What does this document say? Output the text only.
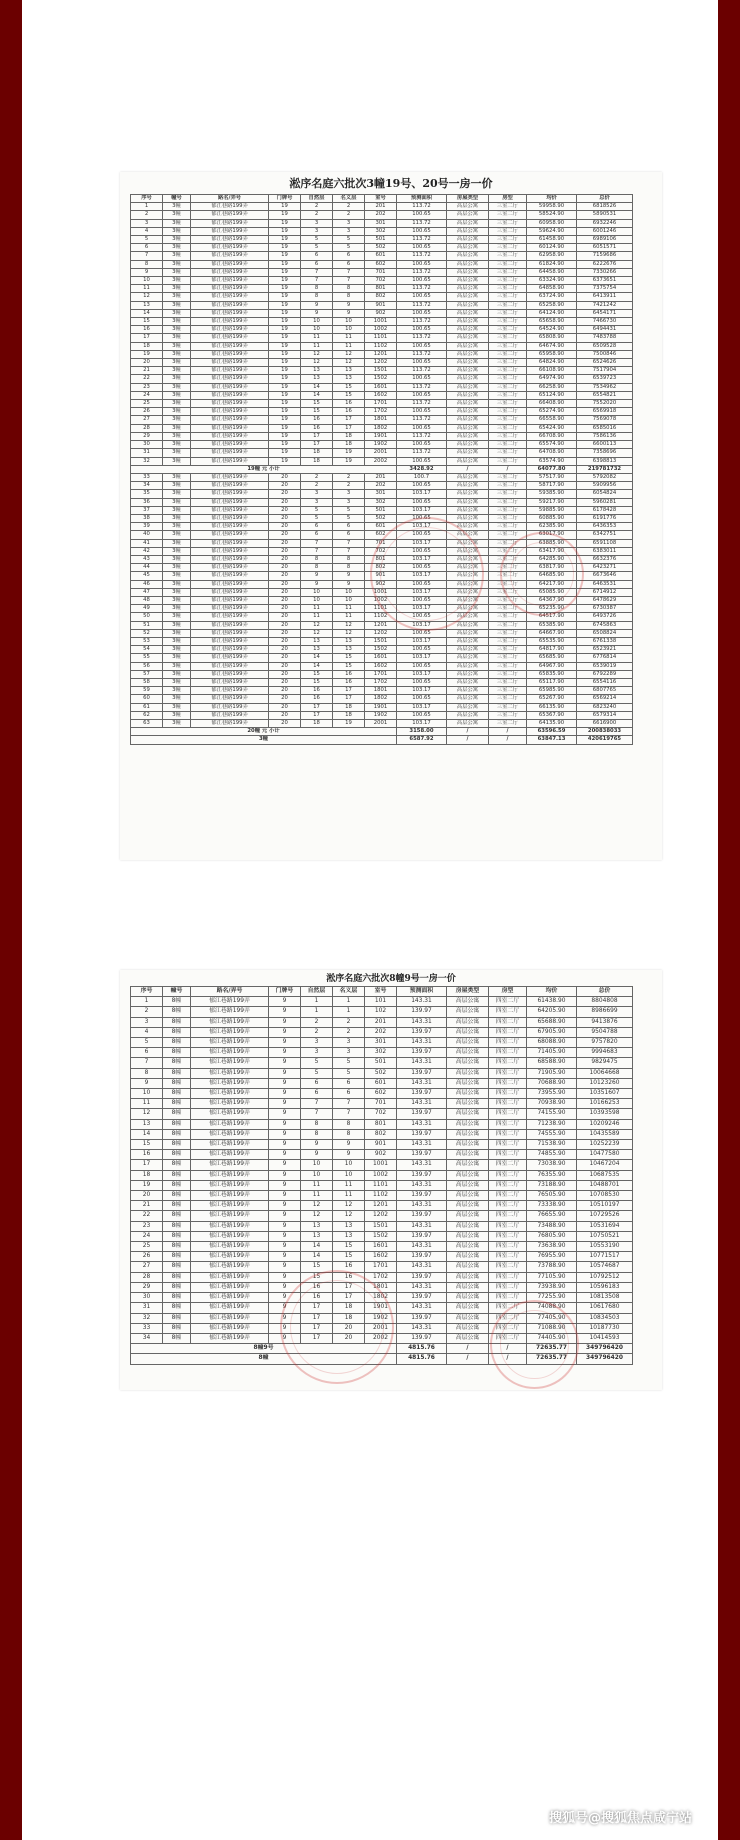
淞序名庭六批次3幢19号、20号一房一价
序号	幢号	路名/弄号	门牌号	自然层	名义层	室号	预测面积	房屋类型	房型	均价	总价
1	3幢	郁江巷路199弄	19	2	2	201	113.72	高层公寓	三室二厅	59958.90	6818526
2	3幢	郁江巷路199弄	19	2	2	202	100.65	高层公寓	三室二厅	58524.90	5890531
3	3幢	郁江巷路199弄	19	3	3	301	113.72	高层公寓	三室二厅	60958.90	6932246
4	3幢	郁江巷路199弄	19	3	3	302	100.65	高层公寓	三室二厅	59624.90	6001246
5	3幢	郁江巷路199弄	19	5	5	501	113.72	高层公寓	三室二厅	61458.90	6989106
6	3幢	郁江巷路199弄	19	5	5	502	100.65	高层公寓	三室二厅	60124.90	6051571
7	3幢	郁江巷路199弄	19	6	6	601	113.72	高层公寓	三室二厅	62958.90	7159686
8	3幢	郁江巷路199弄	19	6	6	602	100.65	高层公寓	三室二厅	61824.90	6222676
9	3幢	郁江巷路199弄	19	7	7	701	113.72	高层公寓	三室二厅	64458.90	7330266
10	3幢	郁江巷路199弄	19	7	7	702	100.65	高层公寓	三室二厅	63324.90	6373651
11	3幢	郁江巷路199弄	19	8	8	801	113.72	高层公寓	三室二厅	64858.90	7375754
12	3幢	郁江巷路199弄	19	8	8	802	100.65	高层公寓	三室二厅	63724.90	6413911
13	3幢	郁江巷路199弄	19	9	9	901	113.72	高层公寓	三室二厅	65258.90	7421242
14	3幢	郁江巷路199弄	19	9	9	902	100.65	高层公寓	三室二厅	64124.90	6454171
15	3幢	郁江巷路199弄	19	10	10	1001	113.72	高层公寓	三室二厅	65658.90	7466730
16	3幢	郁江巷路199弄	19	10	10	1002	100.65	高层公寓	三室二厅	64524.90	6494431
17	3幢	郁江巷路199弄	19	11	11	1101	113.72	高层公寓	三室二厅	65808.90	7483788
18	3幢	郁江巷路199弄	19	11	11	1102	100.65	高层公寓	三室二厅	64674.90	6509528
19	3幢	郁江巷路199弄	19	12	12	1201	113.72	高层公寓	三室二厅	65958.90	7500846
20	3幢	郁江巷路199弄	19	12	12	1202	100.65	高层公寓	三室二厅	64824.90	6524626
21	3幢	郁江巷路199弄	19	13	13	1501	113.72	高层公寓	三室二厅	66108.90	7517904
22	3幢	郁江巷路199弄	19	13	13	1502	100.65	高层公寓	三室二厅	64974.90	6539723
23	3幢	郁江巷路199弄	19	14	15	1601	113.72	高层公寓	三室二厅	66258.90	7534962
24	3幢	郁江巷路199弄	19	14	15	1602	100.65	高层公寓	三室二厅	65124.90	6554821
25	3幢	郁江巷路199弄	19	15	16	1701	113.72	高层公寓	三室二厅	66408.90	7552020
26	3幢	郁江巷路199弄	19	15	16	1702	100.65	高层公寓	三室二厅	65274.90	6569918
27	3幢	郁江巷路199弄	19	16	17	1801	113.72	高层公寓	三室二厅	66558.90	7569078
28	3幢	郁江巷路199弄	19	16	17	1802	100.65	高层公寓	三室二厅	65424.90	6585016
29	3幢	郁江巷路199弄	19	17	18	1901	113.72	高层公寓	三室二厅	66708.90	7586136
30	3幢	郁江巷路199弄	19	17	18	1902	100.65	高层公寓	三室二厅	65574.90	6600113
31	3幢	郁江巷路199弄	19	18	19	2001	113.72	高层公寓	三室二厅	64708.90	7358696
32	3幢	郁江巷路199弄	19	18	19	2002	100.65	高层公寓	三室二厅	63574.90	6398813
19幢 元 小计							3428.92	/	/	64077.80	219781732
33	3幢	郁江巷路199弄	20	2	2	201	100.7	高层公寓	三室二厅	57517.90	5792082
34	3幢	郁江巷路199弄	20	2	2	202	100.65	高层公寓	三室二厅	58717.90	5909956
35	3幢	郁江巷路199弄	20	3	3	301	103.17	高层公寓	三室二厅	59385.90	6054824
36	3幢	郁江巷路199弄	20	3	3	302	100.65	高层公寓	三室二厅	59217.90	5960281
37	3幢	郁江巷路199弄	20	5	5	501	103.17	高层公寓	三室二厅	59885.90	6178428
38	3幢	郁江巷路199弄	20	5	5	502	100.65	高层公寓	三室二厅	60885.90	6191776
39	3幢	郁江巷路199弄	20	6	6	601	103.17	高层公寓	三室二厅	62385.90	6436353
40	3幢	郁江巷路199弄	20	6	6	602	100.65	高层公寓	三室二厅	63017.90	6342751
41	3幢	郁江巷路199弄	20	7	7	701	103.17	高层公寓	三室二厅	63885.90	6591108
42	3幢	郁江巷路199弄	20	7	7	702	100.65	高层公寓	三室二厅	63417.90	6383011
43	3幢	郁江巷路199弄	20	8	8	801	103.17	高层公寓	三室二厅	64285.90	6632376
44	3幢	郁江巷路199弄	20	8	8	802	100.65	高层公寓	三室二厅	63817.90	6423271
45	3幢	郁江巷路199弄	20	9	9	901	103.17	高层公寓	三室二厅	64685.90	6673646
46	3幢	郁江巷路199弄	20	9	9	902	100.65	高层公寓	三室二厅	64217.90	6463531
47	3幢	郁江巷路199弄	20	10	10	1001	103.17	高层公寓	三室二厅	65085.90	6714912
48	3幢	郁江巷路199弄	20	10	10	1002	100.65	高层公寓	三室二厅	64367.90	6478629
49	3幢	郁江巷路199弄	20	11	11	1101	103.17	高层公寓	三室二厅	65235.90	6730387
50	3幢	郁江巷路199弄	20	11	11	1102	100.65	高层公寓	三室二厅	64517.90	6493726
51	3幢	郁江巷路199弄	20	12	12	1201	103.17	高层公寓	三室二厅	65385.90	6745863
52	3幢	郁江巷路199弄	20	12	12	1202	100.65	高层公寓	三室二厅	64667.90	6508824
53	3幢	郁江巷路199弄	20	13	13	1501	103.17	高层公寓	三室二厅	65535.90	6761338
54	3幢	郁江巷路199弄	20	13	13	1502	100.65	高层公寓	三室二厅	64817.90	6523921
55	3幢	郁江巷路199弄	20	14	15	1601	103.17	高层公寓	三室二厅	65685.90	6776814
56	3幢	郁江巷路199弄	20	14	15	1602	100.65	高层公寓	三室二厅	64967.90	6539019
57	3幢	郁江巷路199弄	20	15	16	1701	103.17	高层公寓	三室二厅	65835.90	6792289
58	3幢	郁江巷路199弄	20	15	16	1702	100.65	高层公寓	三室二厅	65117.90	6554116
59	3幢	郁江巷路199弄	20	16	17	1801	103.17	高层公寓	三室二厅	65985.90	6807765
60	3幢	郁江巷路199弄	20	16	17	1802	100.65	高层公寓	三室二厅	65267.90	6569214
61	3幢	郁江巷路199弄	20	17	18	1901	103.17	高层公寓	三室二厅	66135.90	6823240
62	3幢	郁江巷路199弄	20	17	18	1902	100.65	高层公寓	三室二厅	65367.90	6579314
63	3幢	郁江巷路199弄	20	18	19	2001	103.17	高层公寓	三室二厅	64135.90	6616900
20幢 元 小计							3158.00	/	/	63596.59	200838033
3幢							6587.92	/	/	63847.13	420619765
淞序名庭六批次8幢9号一房一价
序号	幢号	路名/弄号	门牌号	自然层	名义层	室号	预测面积	房屋类型	房型	均价	总价
1	8幢	郁江巷路199弄	9	1	1	101	143.31	高层公寓	四室二厅	61438.90	8804808
2	8幢	郁江巷路199弄	9	1	1	102	139.97	高层公寓	四室二厅	64205.90	8986699
3	8幢	郁江巷路199弄	9	2	2	201	143.31	高层公寓	四室二厅	65688.90	9413876
4	8幢	郁江巷路199弄	9	2	2	202	139.97	高层公寓	四室二厅	67905.90	9504788
5	8幢	郁江巷路199弄	9	3	3	301	143.31	高层公寓	四室二厅	68088.90	9757820
6	8幢	郁江巷路199弄	9	3	3	302	139.97	高层公寓	四室二厅	71405.90	9994683
7	8幢	郁江巷路199弄	9	5	5	501	143.31	高层公寓	四室二厅	68588.90	9829475
8	8幢	郁江巷路199弄	9	5	5	502	139.97	高层公寓	四室二厅	71905.90	10064668
9	8幢	郁江巷路199弄	9	6	6	601	143.31	高层公寓	四室二厅	70688.90	10123260
10	8幢	郁江巷路199弄	9	6	6	602	139.97	高层公寓	四室二厅	73955.90	10351607
11	8幢	郁江巷路199弄	9	7	7	701	143.31	高层公寓	四室二厅	70938.90	10166253
12	8幢	郁江巷路199弄	9	7	7	702	139.97	高层公寓	四室二厅	74155.90	10393598
13	8幢	郁江巷路199弄	9	8	8	801	143.31	高层公寓	四室二厅	71238.90	10209246
14	8幢	郁江巷路199弄	9	8	8	802	139.97	高层公寓	四室二厅	74555.90	10435589
15	8幢	郁江巷路199弄	9	9	9	901	143.31	高层公寓	四室二厅	71538.90	10252239
16	8幢	郁江巷路199弄	9	9	9	902	139.97	高层公寓	四室二厅	74855.90	10477580
17	8幢	郁江巷路199弄	9	10	10	1001	143.31	高层公寓	四室二厅	73038.90	10467204
18	8幢	郁江巷路199弄	9	10	10	1002	139.97	高层公寓	四室二厅	76355.90	10687535
19	8幢	郁江巷路199弄	9	11	11	1101	143.31	高层公寓	四室二厅	73188.90	10488701
20	8幢	郁江巷路199弄	9	11	11	1102	139.97	高层公寓	四室二厅	76505.90	10708530
21	8幢	郁江巷路199弄	9	12	12	1201	143.31	高层公寓	四室二厅	73338.90	10510197
22	8幢	郁江巷路199弄	9	12	12	1202	139.97	高层公寓	四室二厅	76655.90	10729526
23	8幢	郁江巷路199弄	9	13	13	1501	143.31	高层公寓	四室二厅	73488.90	10531694
24	8幢	郁江巷路199弄	9	13	13	1502	139.97	高层公寓	四室二厅	76805.90	10750521
25	8幢	郁江巷路199弄	9	14	15	1601	143.31	高层公寓	四室二厅	73638.90	10553190
26	8幢	郁江巷路199弄	9	14	15	1602	139.97	高层公寓	四室二厅	76955.90	10771517
27	8幢	郁江巷路199弄	9	15	16	1701	143.31	高层公寓	四室二厅	73788.90	10574687
28	8幢	郁江巷路199弄	9	15	16	1702	139.97	高层公寓	四室二厅	77105.90	10792512
29	8幢	郁江巷路199弄	9	16	17	1801	143.31	高层公寓	四室二厅	73938.90	10596183
30	8幢	郁江巷路199弄	9	16	17	1802	139.97	高层公寓	四室二厅	77255.90	10813508
31	8幢	郁江巷路199弄	9	17	18	1901	143.31	高层公寓	四室二厅	74088.90	10617680
32	8幢	郁江巷路199弄	9	17	18	1902	139.97	高层公寓	四室二厅	77405.90	10834503
33	8幢	郁江巷路199弄	9	17	20	2001	143.31	高层公寓	四室二厅	71088.90	10187730
34	8幢	郁江巷路199弄	9	17	20	2002	139.97	高层公寓	四室二厅	74405.90	10414593
8幢9号							4815.76	/	/	72635.77	349796420
8幢							4815.76	/	/	72635.77	349796420
搜狐号@搜狐焦点咸宁站
